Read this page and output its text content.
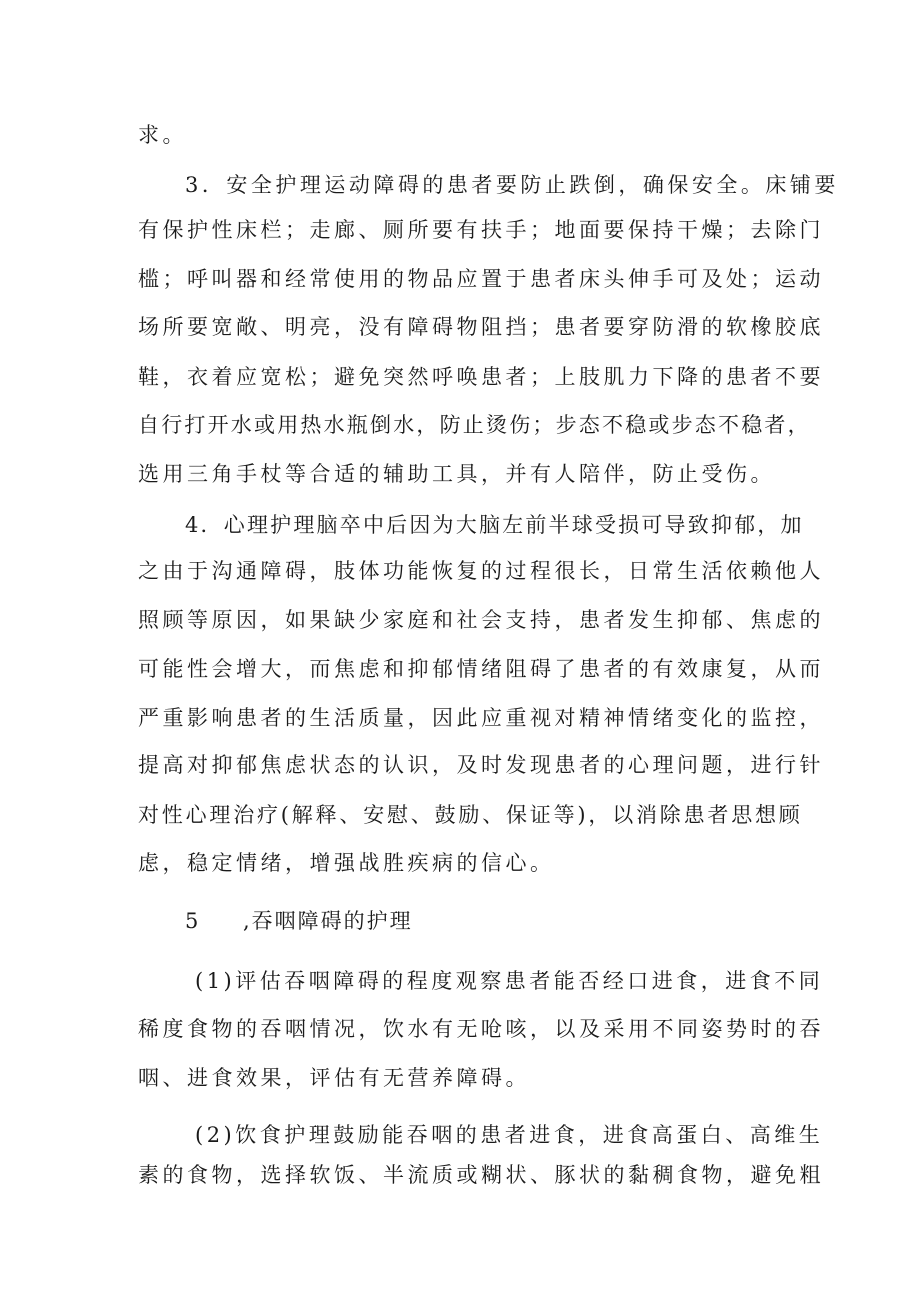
求。
3．安全护理运动障碍的患者要防止跌倒，确保安全。床铺要
有保护性床栏；走廊、厕所要有扶手；地面要保持干燥；去除门
槛；呼叫器和经常使用的物品应置于患者床头伸手可及处；运动
场所要宽敞、明亮，没有障碍物阻挡；患者要穿防滑的软橡胶底
鞋，衣着应宽松；避免突然呼唤患者；上肢肌力下降的患者不要
自行打开水或用热水瓶倒水，防止烫伤；步态不稳或步态不稳者，
选用三角手杖等合适的辅助工具，并有人陪伴，防止受伤。
4．心理护理脑卒中后因为大脑左前半球受损可导致抑郁，加
之由于沟通障碍，肢体功能恢复的过程很长，日常生活依赖他人
照顾等原因，如果缺少家庭和社会支持，患者发生抑郁、焦虑的
可能性会增大，而焦虑和抑郁情绪阻碍了患者的有效康复，从而
严重影响患者的生活质量，因此应重视对精神情绪变化的监控，
提高对抑郁焦虑状态的认识，及时发现患者的心理问题，进行针
对性心理治疗(解释、安慰、鼓励、保证等)，以消除患者思想顾
虑，稳定情绪，增强战胜疾病的信心。
5 ,吞咽障碍的护理
(1)评估吞咽障碍的程度观察患者能否经口进食，进食不同
稀度食物的吞咽情况，饮水有无呛咳，以及采用不同姿势时的吞
咽、进食效果，评估有无营养障碍。
(2)饮食护理鼓励能吞咽的患者进食，进食高蛋白、高维生
素的食物，选择软饭、半流质或糊状、豚状的黏稠食物，避免粗
